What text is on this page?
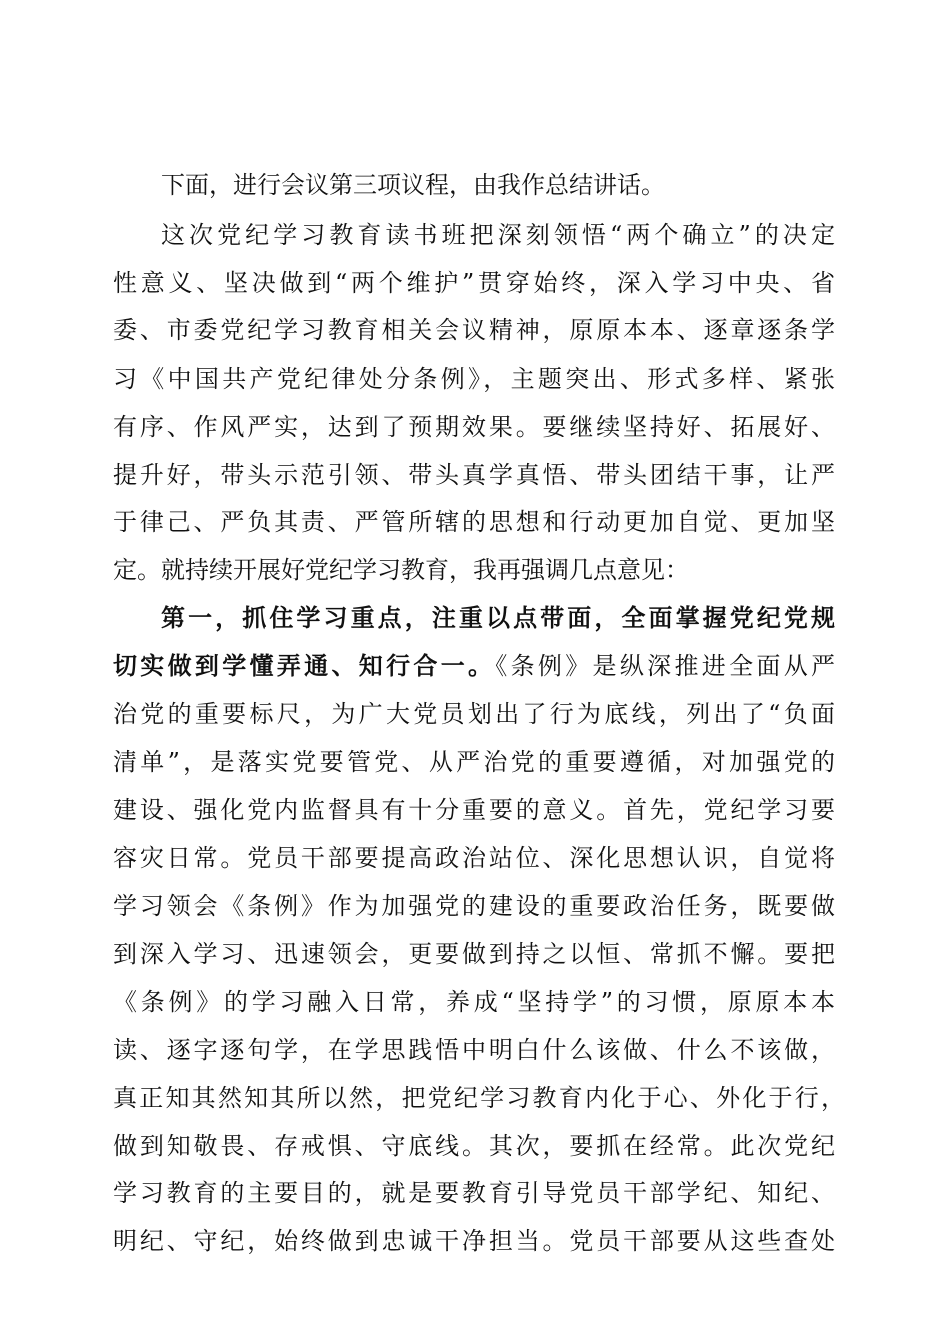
下面，进行会议第三项议程，由我作总结讲话。
这次党纪学习教育读书班把深刻领悟“两个确立”的决定
性意义、坚决做到“两个维护”贯穿始终，深入学习中央、省
委、市委党纪学习教育相关会议精神，原原本本、逐章逐条学
习《中国共产党纪律处分条例》，主题突出、形式多样、紧张
有序、作风严实，达到了预期效果。要继续坚持好、拓展好、
提升好，带头示范引领、带头真学真悟、带头团结干事，让严
于律己、严负其责、严管所辖的思想和行动更加自觉、更加坚
定。就持续开展好党纪学习教育，我再强调几点意见：
第一，抓住学习重点，注重以点带面，全面掌握党纪党规
切实做到学懂弄通、知行合一。《条例》是纵深推进全面从严
治党的重要标尺，为广大党员划出了行为底线，列出了“负面
清单”，是落实党要管党、从严治党的重要遵循，对加强党的
建设、强化党内监督具有十分重要的意义。首先，党纪学习要
容灾日常。党员干部要提高政治站位、深化思想认识，自觉将
学习领会《条例》作为加强党的建设的重要政治任务，既要做
到深入学习、迅速领会，更要做到持之以恒、常抓不懈。要把
《条例》的学习融入日常，养成“坚持学”的习惯，原原本本
读、逐字逐句学，在学思践悟中明白什么该做、什么不该做，
真正知其然知其所以然，把党纪学习教育内化于心、外化于行，
做到知敬畏、存戒惧、守底线。其次，要抓在经常。此次党纪
学习教育的主要目的，就是要教育引导党员干部学纪、知纪、
明纪、守纪，始终做到忠诚干净担当。党员干部要从这些查处
